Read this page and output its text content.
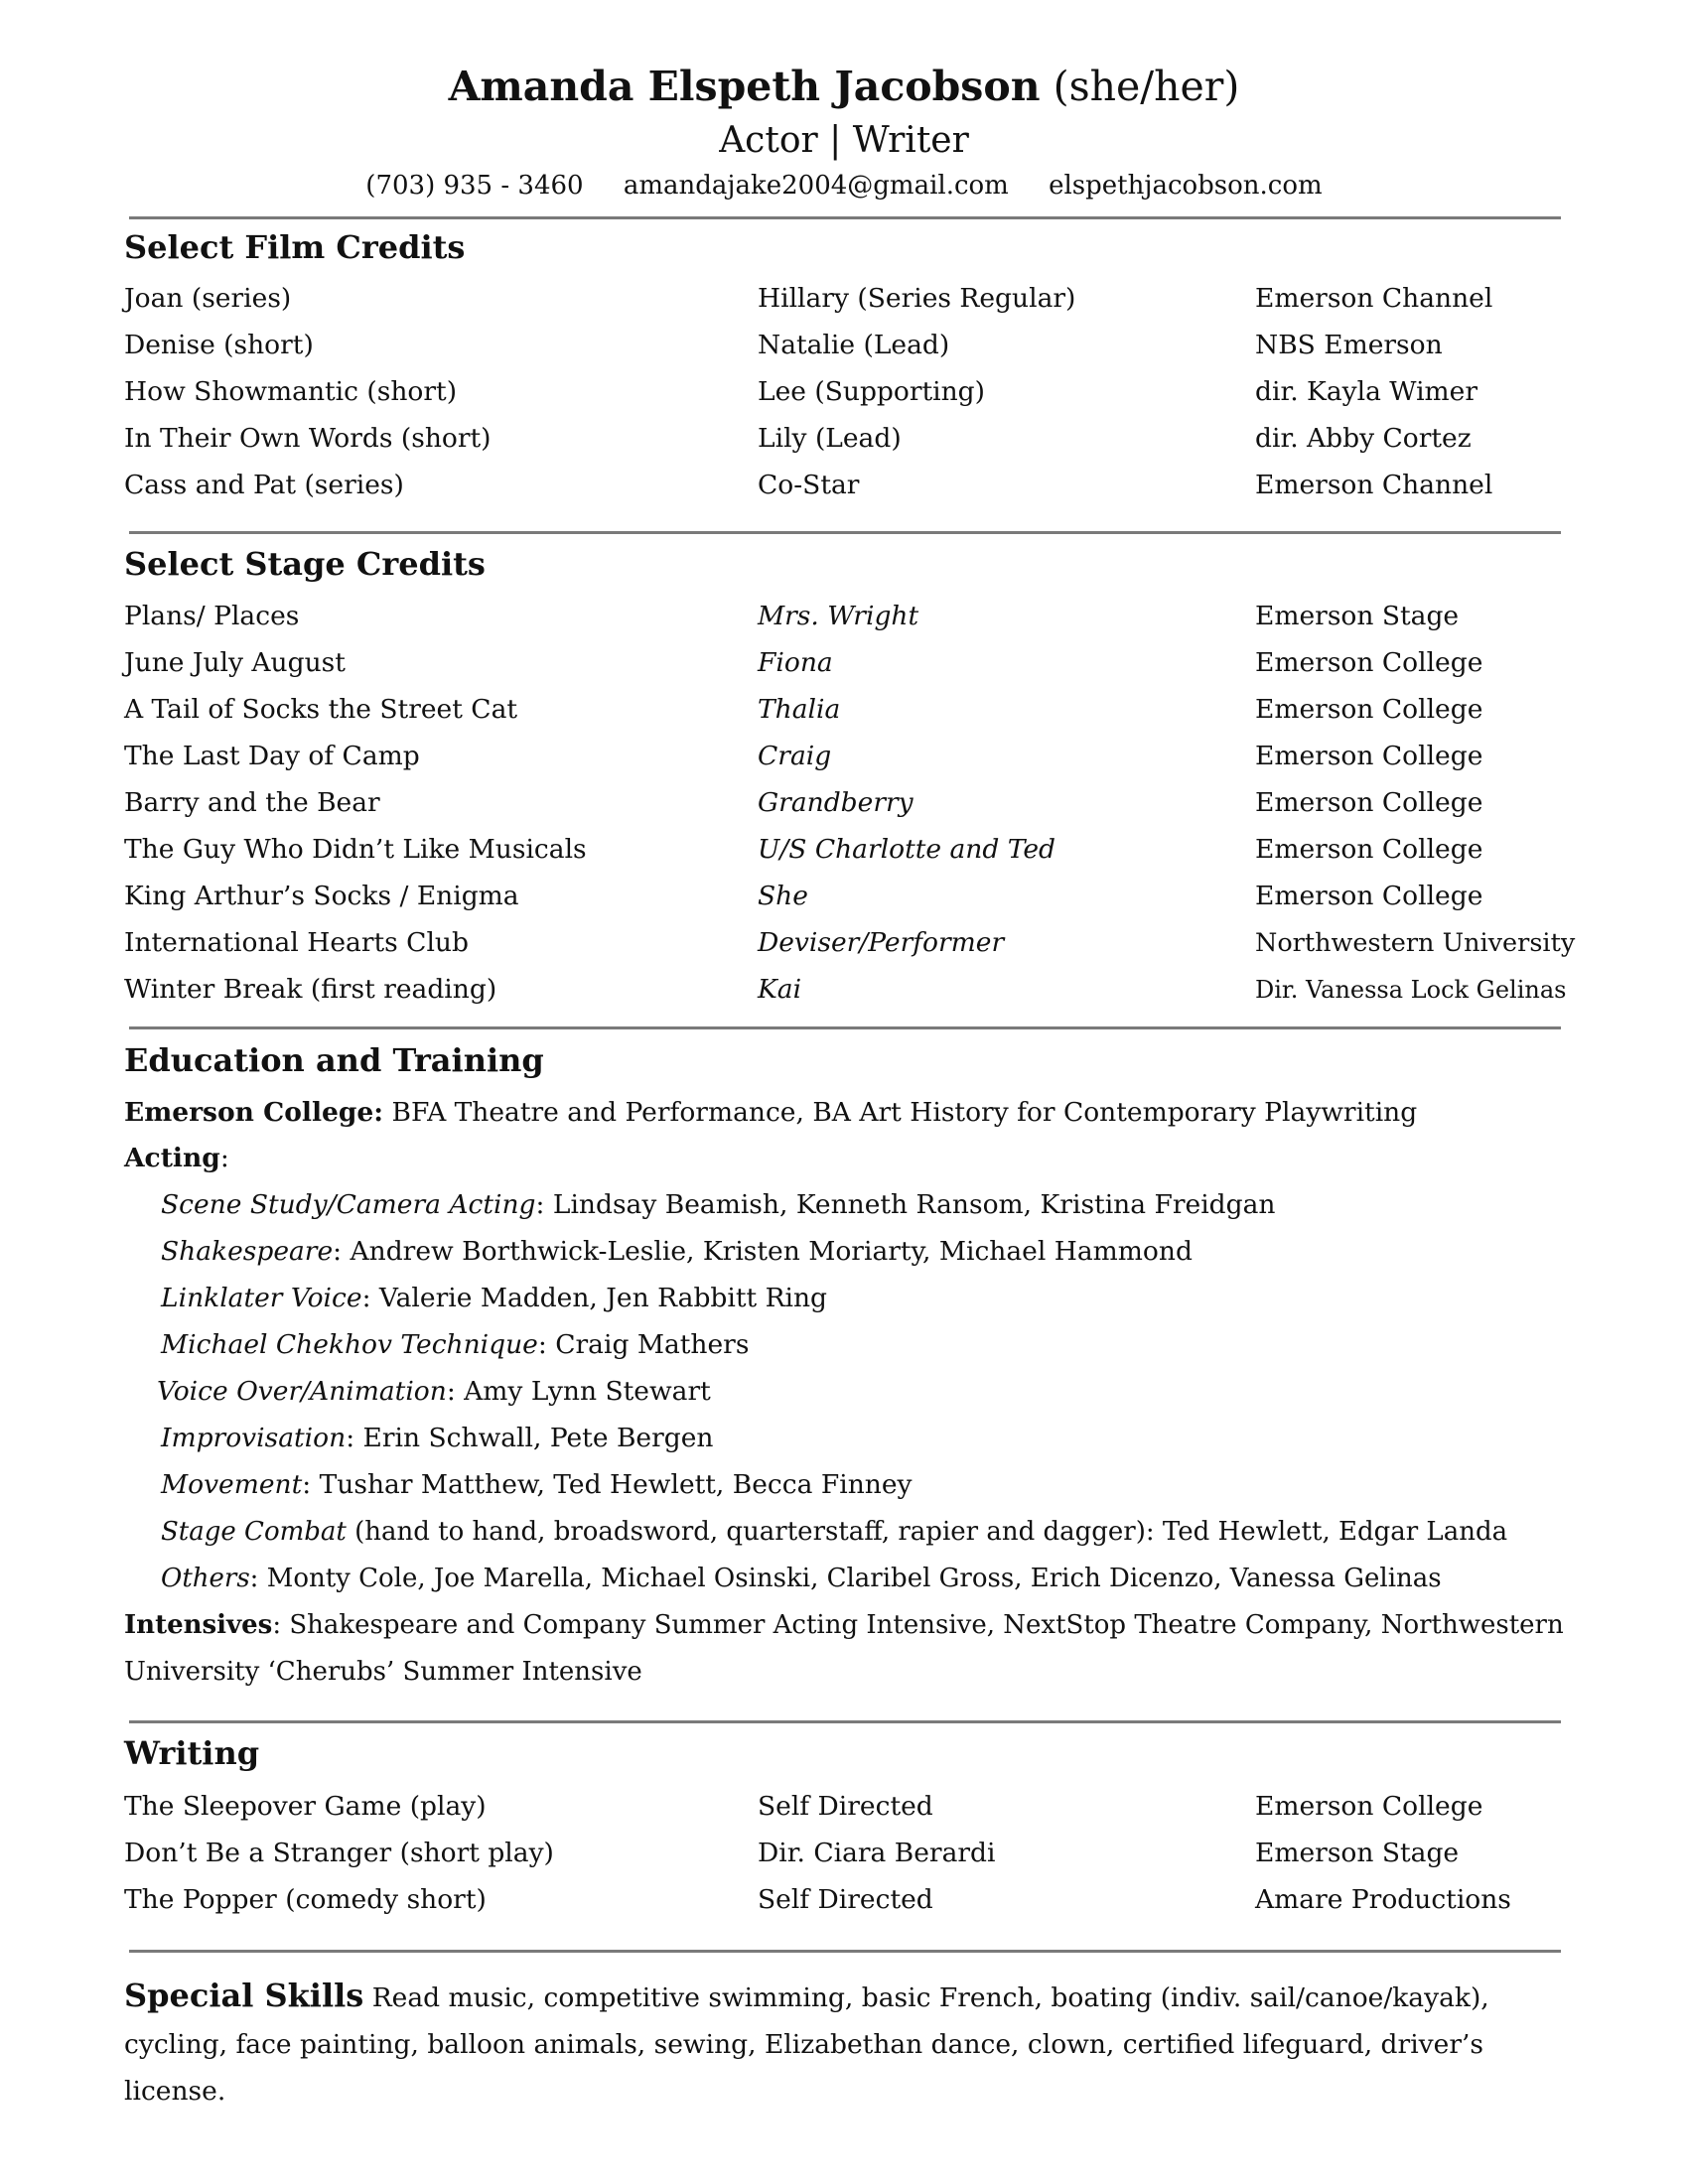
Amanda Elspeth Jacobson (she/her)
Actor | Writer
(703) 935 - 3460 amandajake2004@gmail.com elspethjacobson.com
Select Film Credits
Joan (series)	Hillary (Series Regular)	Emerson Channel
Denise (short)	Natalie (Lead)	NBS Emerson
How Showmantic (short)	Lee (Supporting)	dir. Kayla Wimer
In Their Own Words (short)	Lily (Lead)	dir. Abby Cortez
Cass and Pat (series)	Co-Star	Emerson Channel
Select Stage Credits
Plans/ Places	Mrs. Wright	Emerson Stage
June July August	Fiona	Emerson College
A Tail of Socks the Street Cat	Thalia	Emerson College
The Last Day of Camp	Craig	Emerson College
Barry and the Bear	Grandberry	Emerson College
The Guy Who Didn’t Like Musicals	U/S Charlotte and Ted	Emerson College
King Arthur’s Socks / Enigma	She	Emerson College
International Hearts Club	Deviser/Performer	Northwestern University
Winter Break (first reading)	Kai	Dir. Vanessa Lock Gelinas
Education and Training
Emerson College: BFA Theatre and Performance, BA Art History for Contemporary Playwriting
Acting:
Scene Study/Camera Acting: Lindsay Beamish, Kenneth Ransom, Kristina Freidgan
Shakespeare: Andrew Borthwick-Leslie, Kristen Moriarty, Michael Hammond
Linklater Voice: Valerie Madden, Jen Rabbitt Ring
Michael Chekhov Technique: Craig Mathers
Voice Over/Animation: Amy Lynn Stewart
Improvisation: Erin Schwall, Pete Bergen
Movement: Tushar Matthew, Ted Hewlett, Becca Finney
Stage Combat (hand to hand, broadsword, quarterstaff, rapier and dagger): Ted Hewlett, Edgar Landa
Others: Monty Cole, Joe Marella, Michael Osinski, Claribel Gross, Erich Dicenzo, Vanessa Gelinas
Intensives: Shakespeare and Company Summer Acting Intensive, NextStop Theatre Company, Northwestern
University ‘Cherubs’ Summer Intensive
Writing
The Sleepover Game (play)	Self Directed	Emerson College
Don’t Be a Stranger (short play)	Dir. Ciara Berardi	Emerson Stage
The Popper (comedy short)	Self Directed	Amare Productions
Special Skills Read music, competitive swimming, basic French, boating (indiv. sail/canoe/kayak), cycling, face painting, balloon animals, sewing, Elizabethan dance, clown, certified lifeguard, driver’s license.
